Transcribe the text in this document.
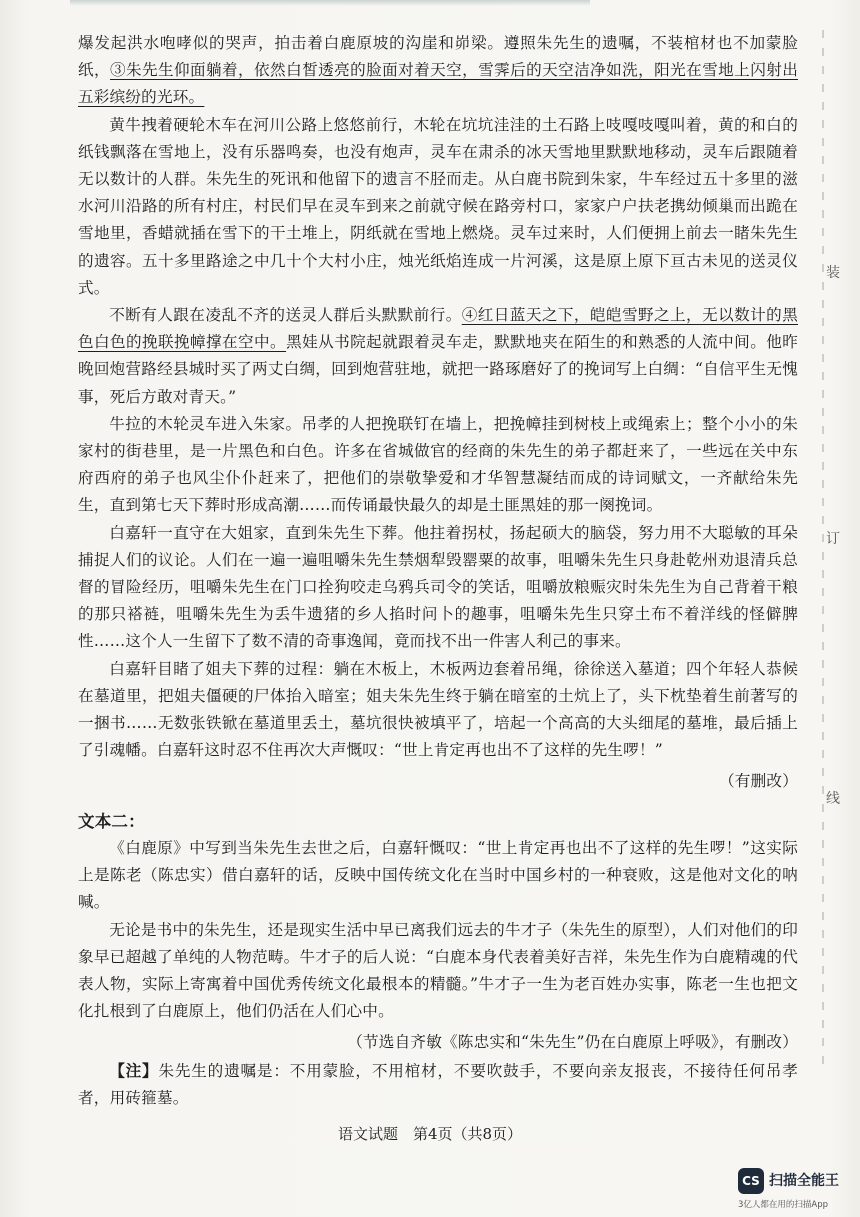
装
订
线

爆发起洪水咆哮似的哭声，拍击着白鹿原坡的沟崖和峁梁。遵照朱先生的遗嘱，不装棺材也不加蒙脸纸，③朱先生仰面躺着，依然白皙透亮的脸面对着天空，雪霁后的天空洁净如洗，阳光在雪地上闪射出五彩缤纷的光环。

黄牛拽着硬轮木车在河川公路上悠悠前行，木轮在坑坑洼洼的土石路上吱嘎吱嘎叫着，黄的和白的纸钱飘落在雪地上，没有乐器鸣奏，也没有炮声，灵车在肃杀的冰天雪地里默默地移动，灵车后跟随着无以数计的人群。朱先生的死讯和他留下的遗言不胫而走。从白鹿书院到朱家，牛车经过五十多里的滋水河川沿路的所有村庄，村民们早在灵车到来之前就守候在路旁村口，家家户户扶老携幼倾巢而出跪在雪地里，香蜡就插在雪下的干土堆上，阴纸就在雪地上燃烧。灵车过来时，人们便拥上前去一睹朱先生的遗容。五十多里路途之中几十个大村小庄，烛光纸焰连成一片河溪，这是原上原下亘古未见的送灵仪式。

不断有人跟在凌乱不齐的送灵人群后头默默前行。④红日蓝天之下，皑皑雪野之上，无以数计的黑色白色的挽联挽幛撑在空中。黑娃从书院起就跟着灵车走，默默地夹在陌生的和熟悉的人流中间。他昨晚回炮营路经县城时买了两丈白绸，回到炮营驻地，就把一路琢磨好了的挽词写上白绸：“自信平生无愧事，死后方敢对青天。”

牛拉的木轮灵车进入朱家。吊孝的人把挽联钉在墙上，把挽幛挂到树枝上或绳索上；整个小小的朱家村的街巷里，是一片黑色和白色。许多在省城做官的经商的朱先生的弟子都赶来了，一些远在关中东府西府的弟子也风尘仆仆赶来了，把他们的崇敬挚爱和才华智慧凝结而成的诗词赋文，一齐献给朱先生，直到第七天下葬时形成高潮……而传诵最快最久的却是土匪黑娃的那一阕挽词。

白嘉轩一直守在大姐家，直到朱先生下葬。他拄着拐杖，扬起硕大的脑袋，努力用不大聪敏的耳朵捕捉人们的议论。人们在一遍一遍咀嚼朱先生禁烟犁毁罂粟的故事，咀嚼朱先生只身赴乾州劝退清兵总督的冒险经历，咀嚼朱先生在门口拴狗咬走乌鸦兵司令的笑话，咀嚼放粮赈灾时朱先生为自己背着干粮的那只褡裢，咀嚼朱先生为丢牛遗猪的乡人掐时问卜的趣事，咀嚼朱先生只穿土布不着洋线的怪僻脾性……这个人一生留下了数不清的奇事逸闻，竟而找不出一件害人利己的事来。

白嘉轩目睹了姐夫下葬的过程：躺在木板上，木板两边套着吊绳，徐徐送入墓道；四个年轻人恭候在墓道里，把姐夫僵硬的尸体抬入暗室；姐夫朱先生终于躺在暗室的土炕上了，头下枕垫着生前著写的一捆书……无数张铁锨在墓道里丢土，墓坑很快被填平了，培起一个高高的大头细尾的墓堆，最后插上了引魂幡。白嘉轩这时忍不住再次大声慨叹：“世上肯定再也出不了这样的先生啰！”

（有删改）

文本二：

《白鹿原》中写到当朱先生去世之后，白嘉轩慨叹：“世上肯定再也出不了这样的先生啰！”这实际上是陈老（陈忠实）借白嘉轩的话，反映中国传统文化在当时中国乡村的一种衰败，这是他对文化的呐喊。

无论是书中的朱先生，还是现实生活中早已离我们远去的牛才子（朱先生的原型），人们对他们的印象早已超越了单纯的人物范畴。牛才子的后人说：“白鹿本身代表着美好吉祥，朱先生作为白鹿精魂的代表人物，实际上寄寓着中国优秀传统文化最根本的精髓。”牛才子一生为老百姓办实事，陈老一生也把文化扎根到了白鹿原上，他们仍活在人们心中。

（节选自齐敏《陈忠实和“朱先生”仍在白鹿原上呼吸》，有删改）

【注】朱先生的遗嘱是：不用蒙脸，不用棺材，不要吹鼓手，不要向亲友报丧，不接待任何吊孝者，用砖箍墓。

语文试题　第4页（共8页）
CS 扫描全能王
3亿人都在用的扫描App
